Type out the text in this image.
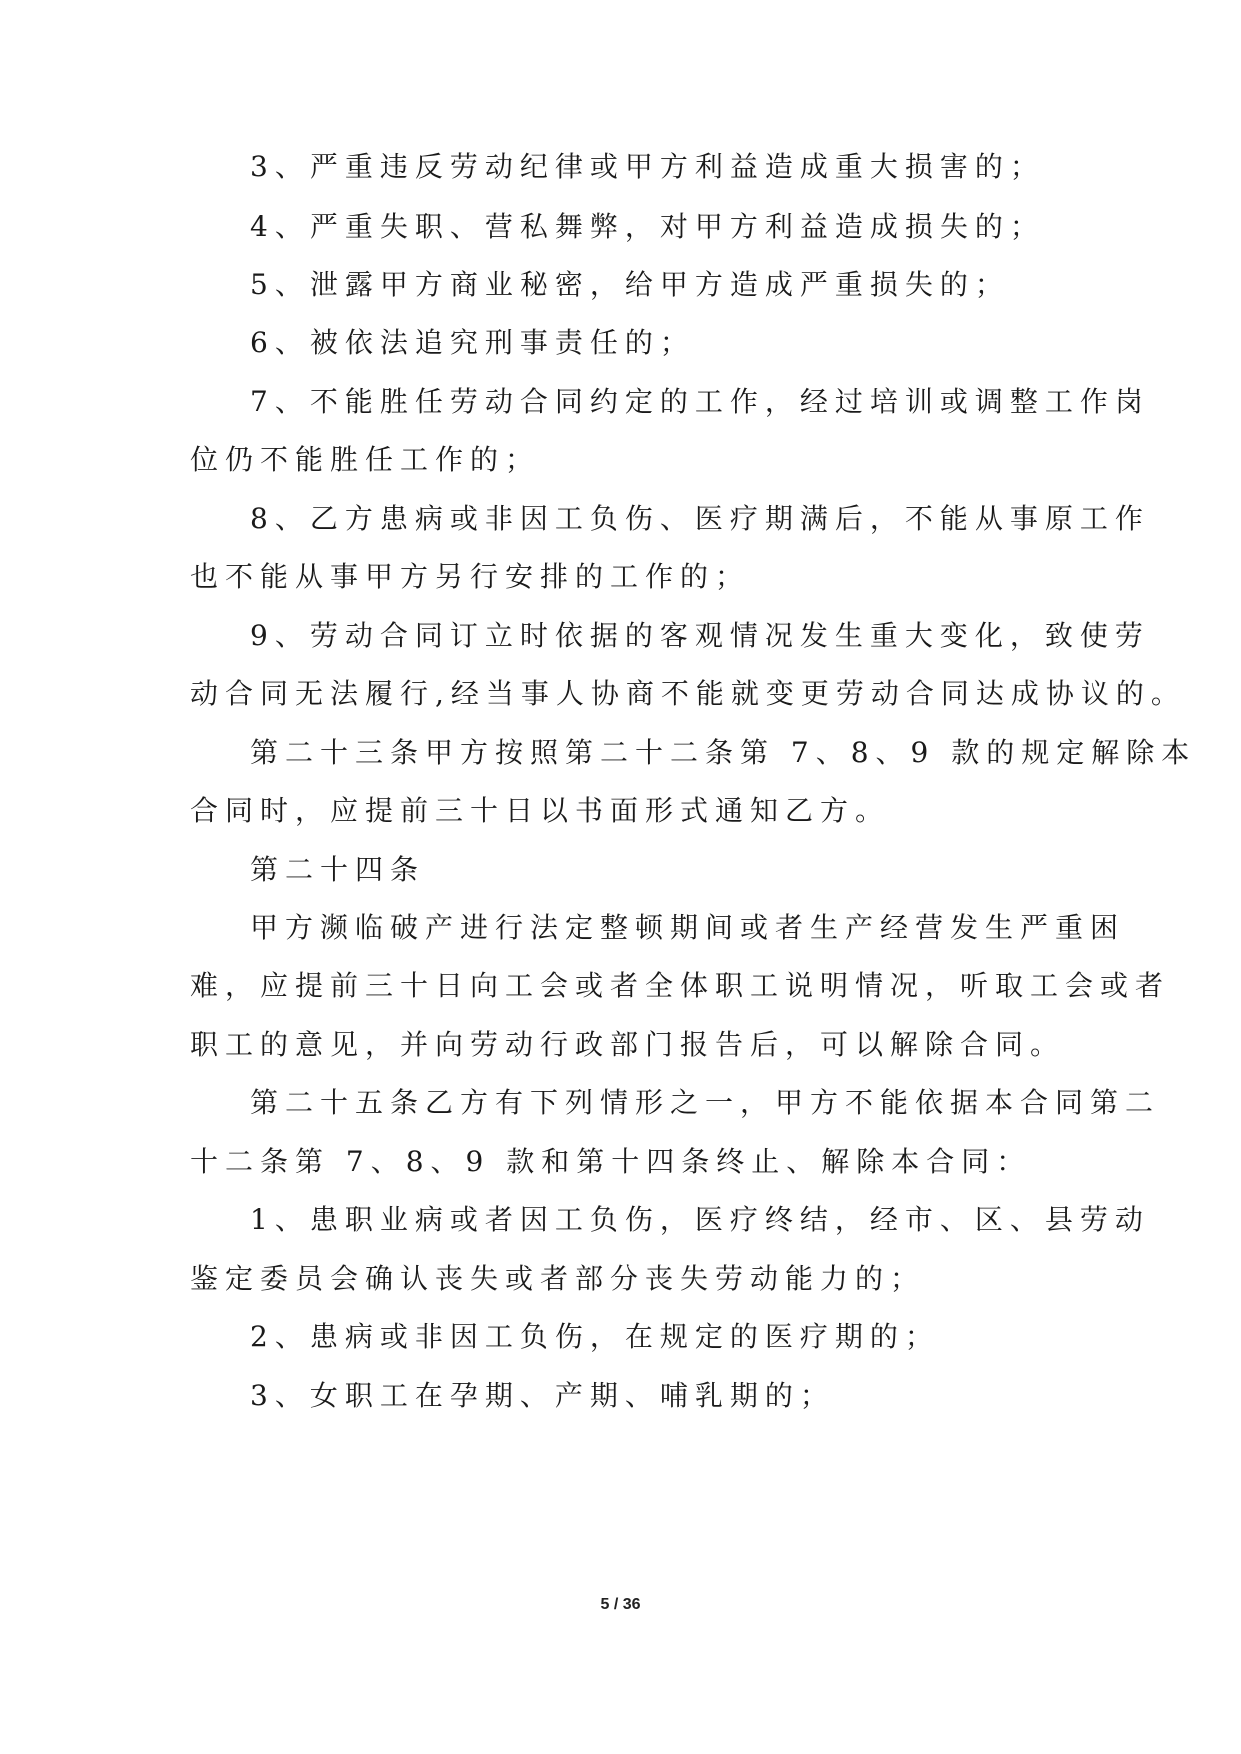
3、严重违反劳动纪律或甲方利益造成重大损害的；
4、严重失职、营私舞弊，对甲方利益造成损失的；
5、泄露甲方商业秘密，给甲方造成严重损失的；
6、被依法追究刑事责任的；
7、不能胜任劳动合同约定的工作，经过培训或调整工作岗
位仍不能胜任工作的；
8、乙方患病或非因工负伤、医疗期满后，不能从事原工作
也不能从事甲方另行安排的工作的；
9、劳动合同订立时依据的客观情况发生重大变化，致使劳
动合同无法履行,经当事人协商不能就变更劳动合同达成协议的。
第二十三条甲方按照第二十二条第 7、8、9 款的规定解除本
合同时，应提前三十日以书面形式通知乙方。
第二十四条
甲方濒临破产进行法定整顿期间或者生产经营发生严重困
难，应提前三十日向工会或者全体职工说明情况，听取工会或者
职工的意见，并向劳动行政部门报告后，可以解除合同。
第二十五条乙方有下列情形之一，甲方不能依据本合同第二
十二条第 7、8、9 款和第十四条终止、解除本合同：
1、患职业病或者因工负伤，医疗终结，经市、区、县劳动
鉴定委员会确认丧失或者部分丧失劳动能力的；
2、患病或非因工负伤，在规定的医疗期的；
3、女职工在孕期、产期、哺乳期的；
5 / 36
